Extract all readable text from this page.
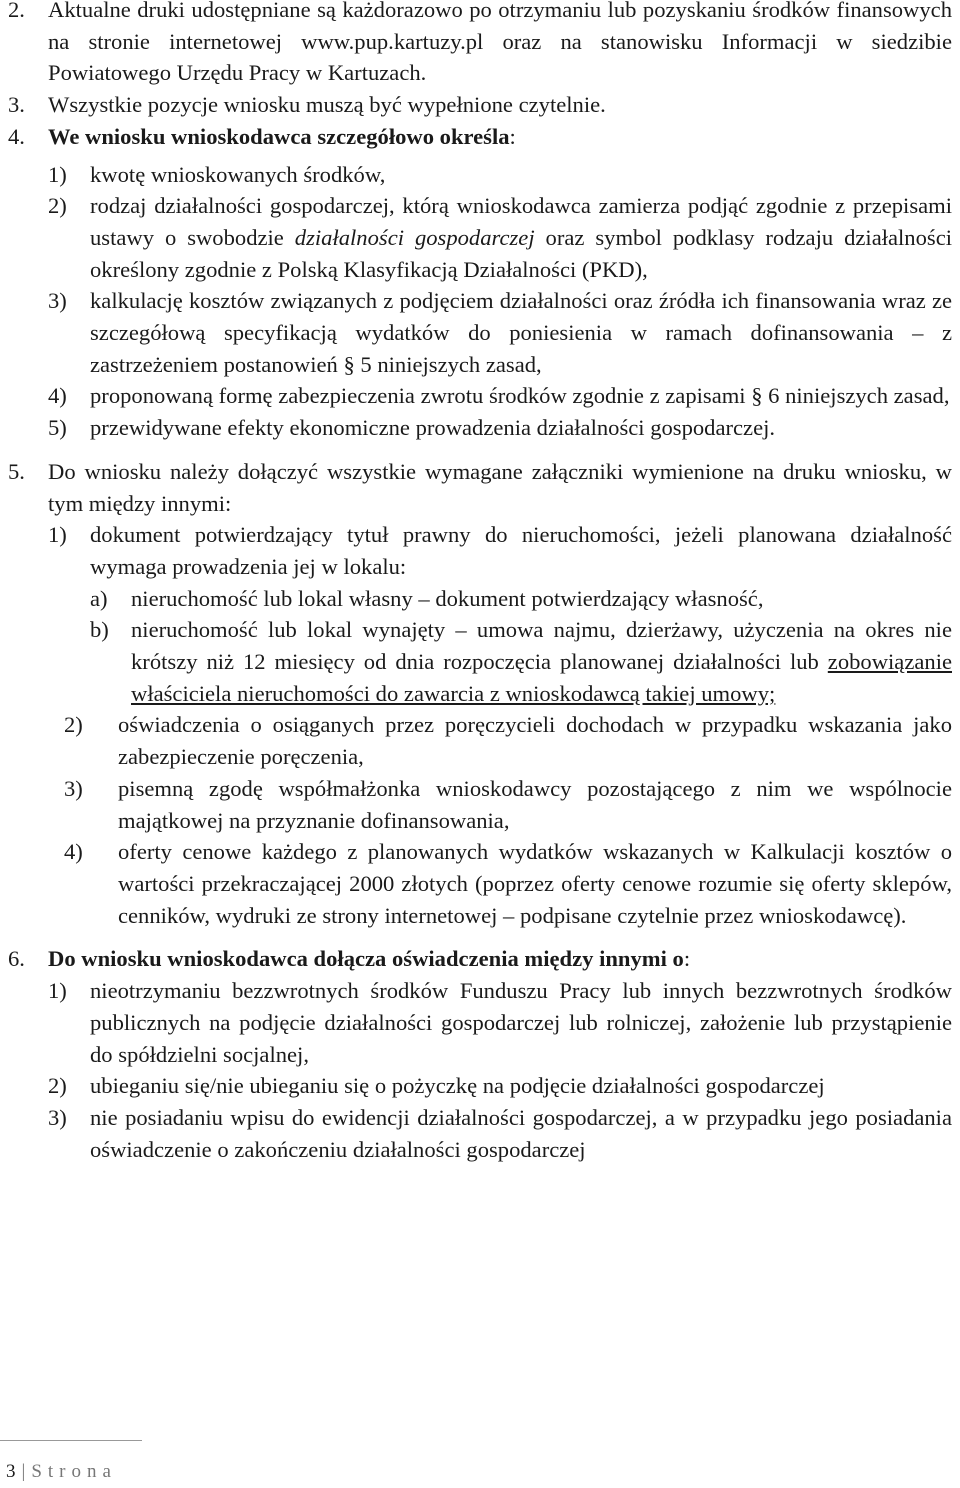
2. Aktualne druki udostępniane są każdorazowo po otrzymaniu lub pozyskaniu środków finansowych na stronie internetowej www.pup.kartuzy.pl oraz na stanowisku Informacji w siedzibie Powiatowego Urzędu Pracy w Kartuzach.
3. Wszystkie pozycje wniosku muszą być wypełnione czytelnie.
4. We wniosku wnioskodawca szczegółowo określa:
1) kwotę wnioskowanych środków,
2) rodzaj działalności gospodarczej, którą wnioskodawca zamierza podjąć zgodnie z przepisami ustawy o swobodzie działalności gospodarczej oraz symbol podklasy rodzaju działalności określony zgodnie z Polską Klasyfikacją Działalności (PKD),
3) kalkulację kosztów związanych z podjęciem działalności oraz źródła ich finansowania wraz ze szczegółową specyfikacją wydatków do poniesienia w ramach dofinansowania – z zastrzeżeniem postanowień § 5 niniejszych zasad,
4) proponowaną formę zabezpieczenia zwrotu środków zgodnie z zapisami § 6 niniejszych zasad,
5) przewidywane efekty ekonomiczne prowadzenia działalności gospodarczej.
5. Do wniosku należy dołączyć wszystkie wymagane załączniki wymienione na druku wniosku, w tym między innymi:
1) dokument potwierdzający tytuł prawny do nieruchomości, jeżeli planowana działalność wymaga prowadzenia jej w lokalu:
a) nieruchomość lub lokal własny – dokument potwierdzający własność,
b) nieruchomość lub lokal wynajęty – umowa najmu, dzierżawy, użyczenia na okres nie krótszy niż 12 miesięcy od dnia rozpoczęcia planowanej działalności lub zobowiązanie właściciela nieruchomości do zawarcia z wnioskodawcą takiej umowy;
2) oświadczenia o osiąganych przez poręczycieli dochodach w przypadku wskazania jako zabezpieczenie poręczenia,
3) pisemną zgodę współmałżonka wnioskodawcy pozostającego z nim we wspólnocie majątkowej na przyznanie dofinansowania,
4) oferty cenowe każdego z planowanych wydatków wskazanych w Kalkulacji kosztów o wartości przekraczającej 2000 złotych (poprzez oferty cenowe rozumie się oferty sklepów, cenników, wydruki ze strony internetowej – podpisane czytelnie przez wnioskodawcę).
6. Do wniosku wnioskodawca dołącza oświadczenia między innymi o:
1) nieotrzymaniu bezzwrotnych środków Funduszu Pracy lub innych bezzwrotnych środków publicznych na podjęcie działalności gospodarczej lub rolniczej, założenie lub przystąpienie do spółdzielni socjalnej,
2) ubieganiu się/nie ubieganiu się o pożyczkę na podjęcie działalności gospodarczej
3) nie posiadaniu wpisu do ewidencji działalności gospodarczej, a w przypadku jego posiadania oświadczenie o zakończeniu działalności gospodarczej
3 | Strona
